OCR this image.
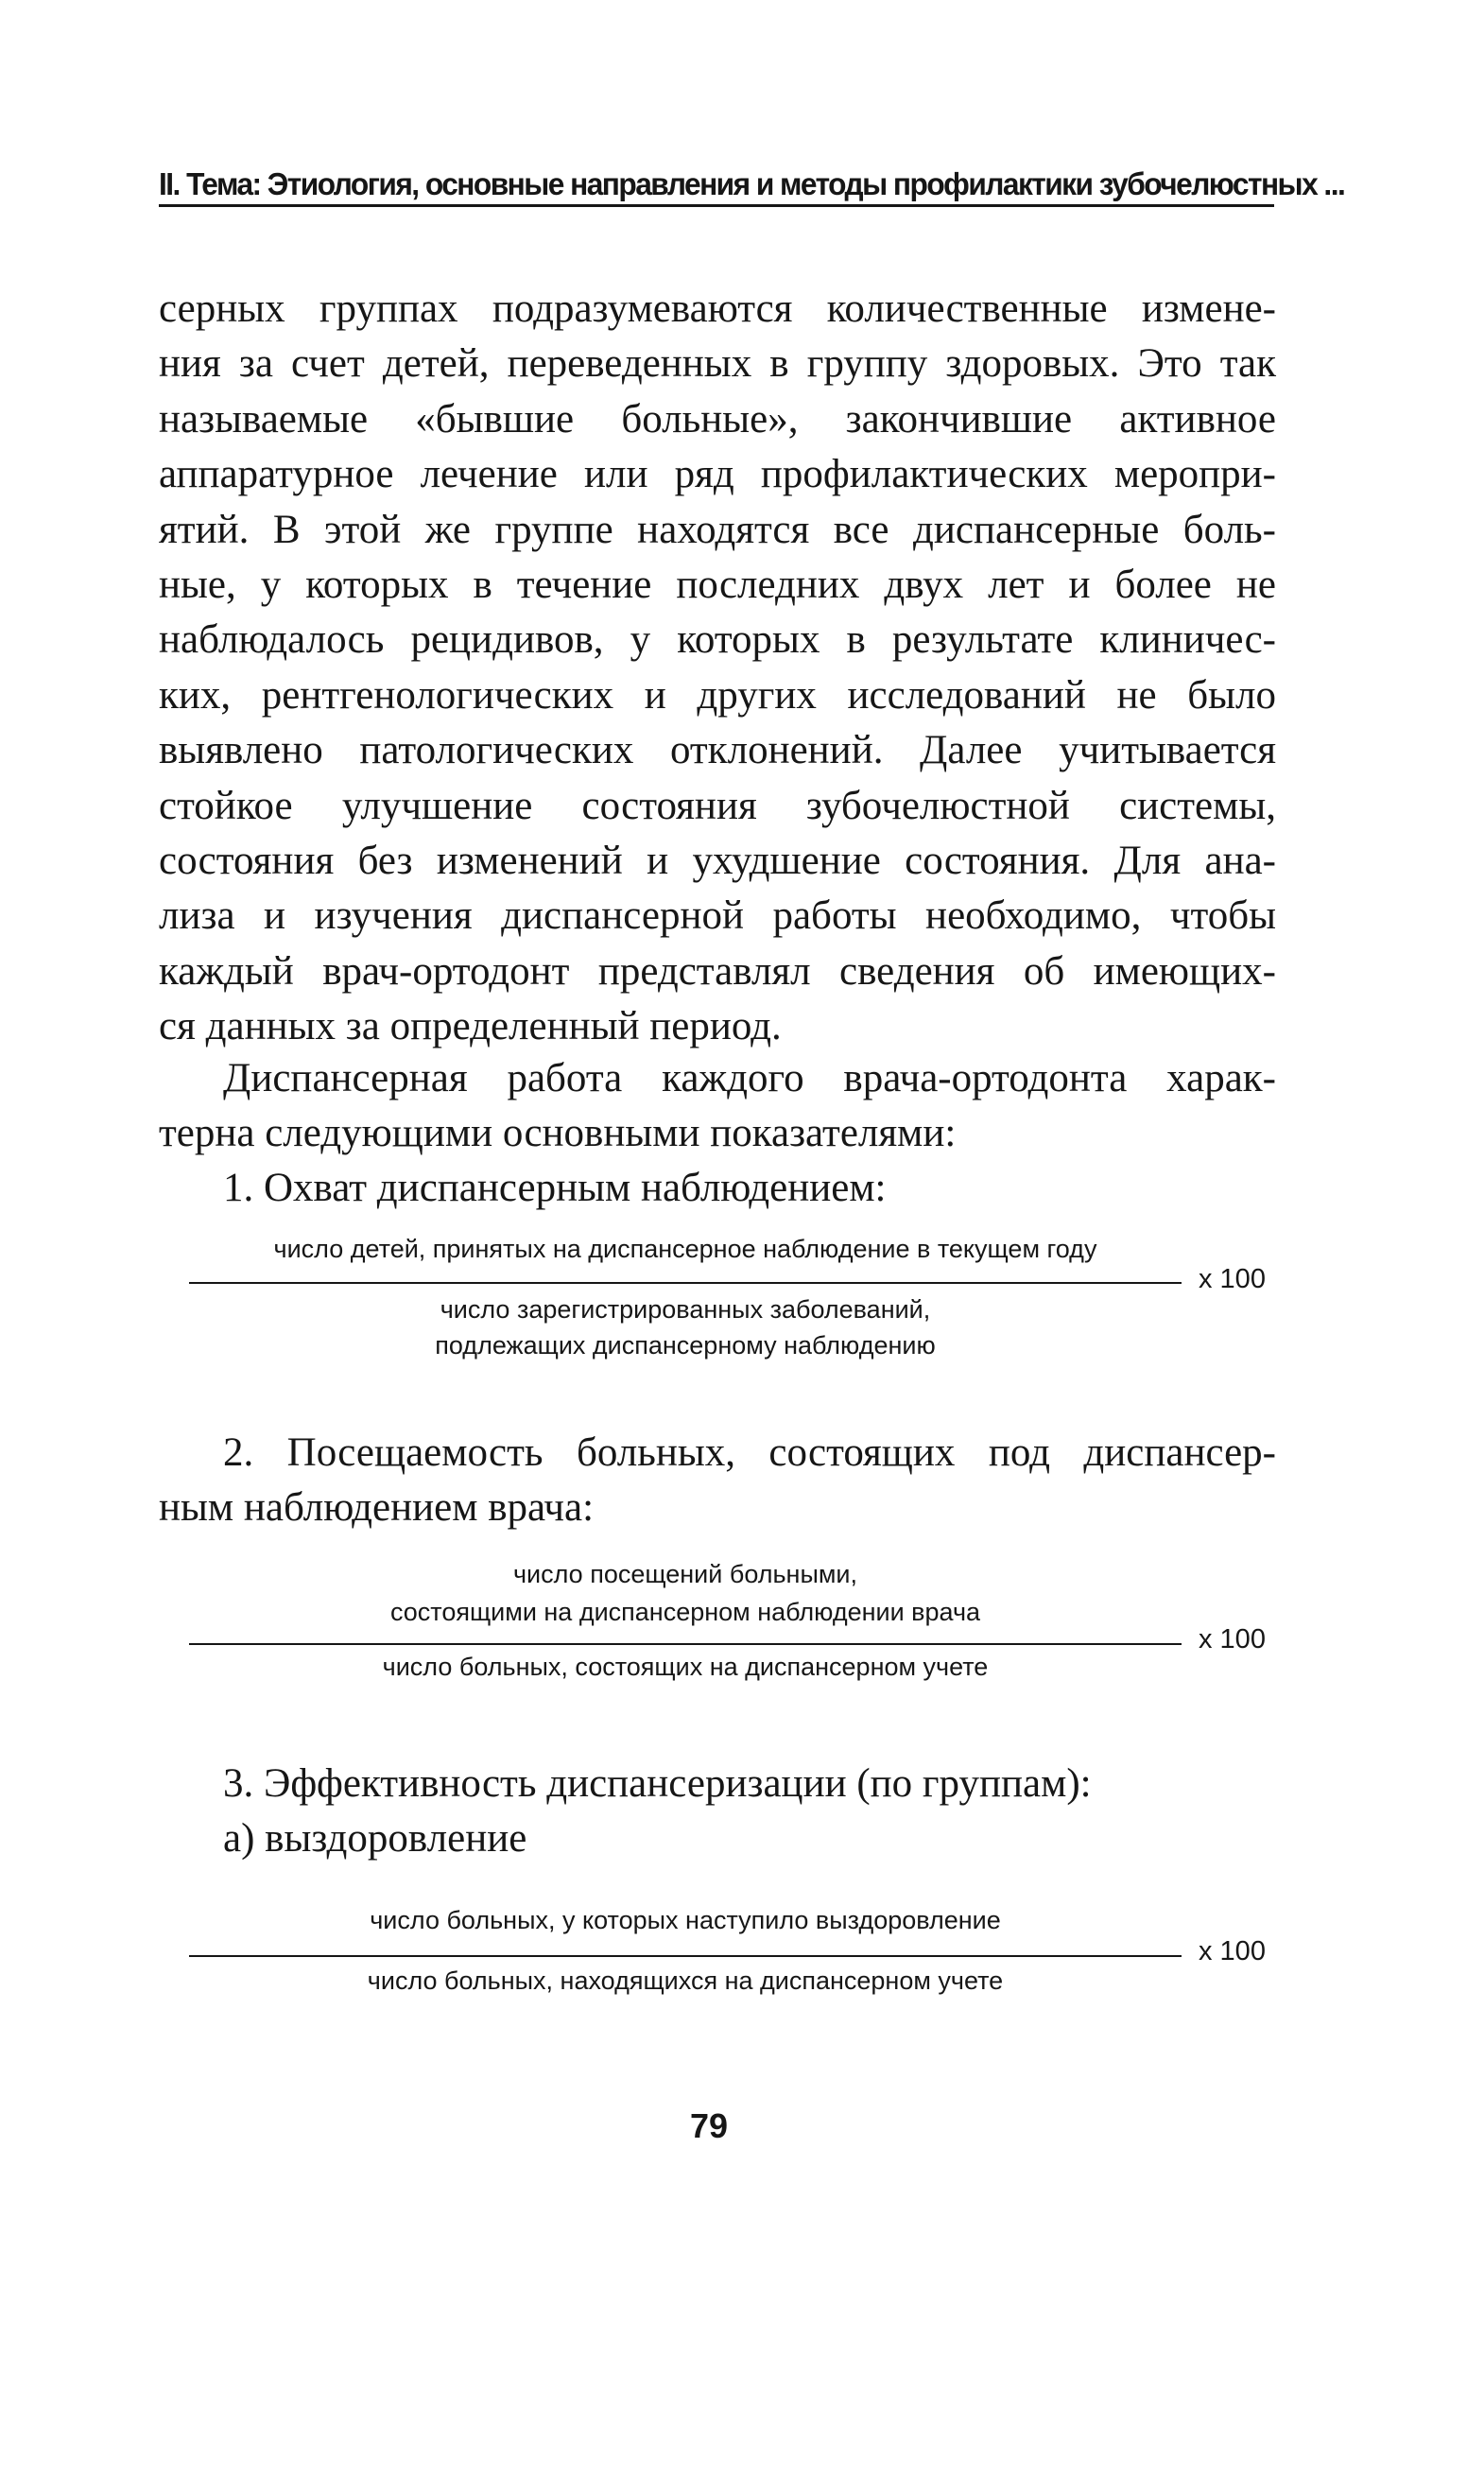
II. Тема: Этиология, основные направления и методы профилактики зубочелюстных ...
серных группах подразумеваются количественные измене-
ния за счет детей, переведенных в группу здоровых. Это так
называемые «бывшие больные», закончившие активное
аппаратурное лечение или ряд профилактических меропри-
ятий. В этой же группе находятся все диспансерные боль-
ные, у которых в течение последних двух лет и более не
наблюдалось рецидивов, у которых в результате клиничес-
ких, рентгенологических и других исследований не было
выявлено патологических отклонений. Далее учитывается
стойкое улучшение состояния зубочелюстной системы,
состояния без изменений и ухудшение состояния. Для ана-
лиза и изучения диспансерной работы необходимо, чтобы
каждый врач-ортодонт представлял сведения об имеющих-
ся данных за определенный период.
Диспансерная работа каждого врача-ортодонта харак-
терна следующими основными показателями:
1. Охват диспансерным наблюдением:
число детей, принятых на диспансерное наблюдение в текущем году
х 100
число зарегистрированных заболеваний,
подлежащих диспансерному наблюдению
2. Посещаемость больных, состоящих под диспансер-
ным наблюдением врача:
число посещений больными,
состоящими на диспансерном наблюдении врача
х 100
число больных, состоящих на диспансерном учете
3. Эффективность диспансеризации (по группам):
а) выздоровление
число больных, у которых наступило выздоровление
х 100
число больных, находящихся на диспансерном учете
79
